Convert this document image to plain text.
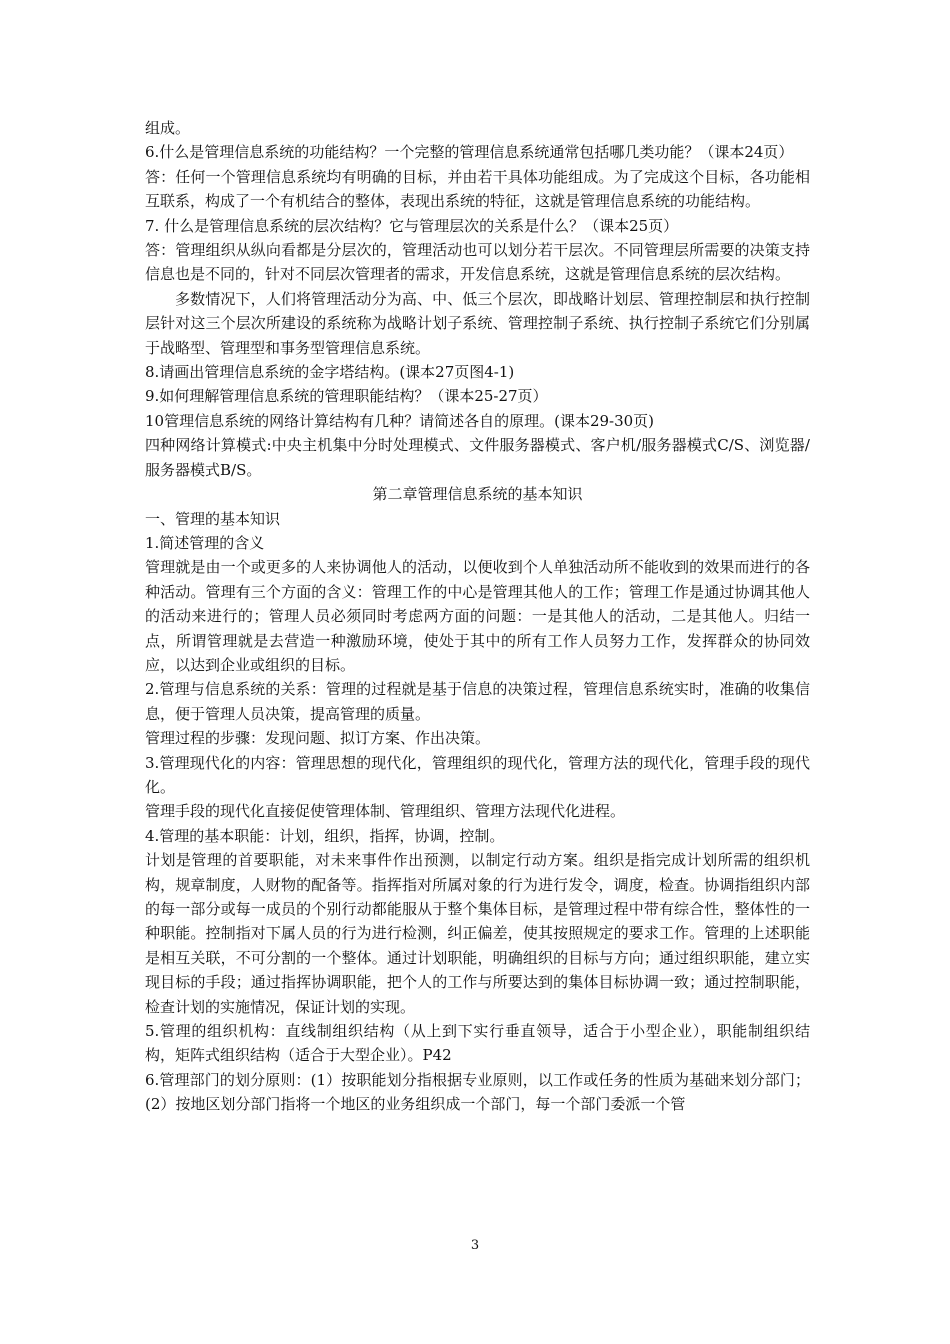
组成。

6.什么是管理信息系统的功能结构？一个完整的管理信息系统通常包括哪几类功能？（课本24页）

答：任何一个管理信息系统均有明确的目标，并由若干具体功能组成。为了完成这个目标，各功能相互联系，构成了一个有机结合的整体，表现出系统的特征，这就是管理信息系统的功能结构。

7. 什么是管理信息系统的层次结构？它与管理层次的关系是什么？（课本25页）

答：管理组织从纵向看都是分层次的，管理活动也可以划分若干层次。不同管理层所需要的决策支持信息也是不同的，针对不同层次管理者的需求，开发信息系统，这就是管理信息系统的层次结构。

多数情况下，人们将管理活动分为高、中、低三个层次，即战略计划层、管理控制层和执行控制层针对这三个层次所建设的系统称为战略计划子系统、管理控制子系统、执行控制子系统它们分别属于战略型、管理型和事务型管理信息系统。

8.请画出管理信息系统的金字塔结构。(课本27页图4-1)

9.如何理解管理信息系统的管理职能结构？（课本25-27页）

10管理信息系统的网络计算结构有几种？请简述各自的原理。(课本29-30页)

四种网络计算模式:中央主机集中分时处理模式、文件服务器模式、客户机/服务器模式C/S、浏览器/服务器模式B/S。

第二章管理信息系统的基本知识

一、管理的基本知识

1.简述管理的含义

管理就是由一个或更多的人来协调他人的活动，以便收到个人单独活动所不能收到的效果而进行的各种活动。管理有三个方面的含义：管理工作的中心是管理其他人的工作；管理工作是通过协调其他人的活动来进行的；管理人员必须同时考虑两方面的问题：一是其他人的活动，二是其他人。归结一点，所谓管理就是去营造一种激励环境，使处于其中的所有工作人员努力工作，发挥群众的协同效应，以达到企业或组织的目标。

2.管理与信息系统的关系：管理的过程就是基于信息的决策过程，管理信息系统实时，准确的收集信息，便于管理人员决策，提高管理的质量。

管理过程的步骤：发现问题、拟订方案、作出决策。

3.管理现代化的内容：管理思想的现代化，管理组织的现代化，管理方法的现代化，管理手段的现代化。

管理手段的现代化直接促使管理体制、管理组织、管理方法现代化进程。

4.管理的基本职能：计划，组织，指挥，协调，控制。

计划是管理的首要职能，对未来事件作出预测，以制定行动方案。组织是指完成计划所需的组织机构，规章制度，人财物的配备等。指挥指对所属对象的行为进行发令，调度，检查。协调指组织内部的每一部分或每一成员的个别行动都能服从于整个集体目标，是管理过程中带有综合性，整体性的一种职能。控制指对下属人员的行为进行检测，纠正偏差，使其按照规定的要求工作。管理的上述职能是相互关联，不可分割的一个整体。通过计划职能，明确组织的目标与方向；通过组织职能，建立实现目标的手段；通过指挥协调职能，把个人的工作与所要达到的集体目标协调一致；通过控制职能，检查计划的实施情况，保证计划的实现。

5.管理的组织机构：直线制组织结构（从上到下实行垂直领导，适合于小型企业），职能制组织结构，矩阵式组织结构（适合于大型企业）。P42

6.管理部门的划分原则：(1）按职能划分指根据专业原则，以工作或任务的性质为基础来划分部门；(2）按地区划分部门指将一个地区的业务组织成一个部门，每一个部门委派一个管

3
